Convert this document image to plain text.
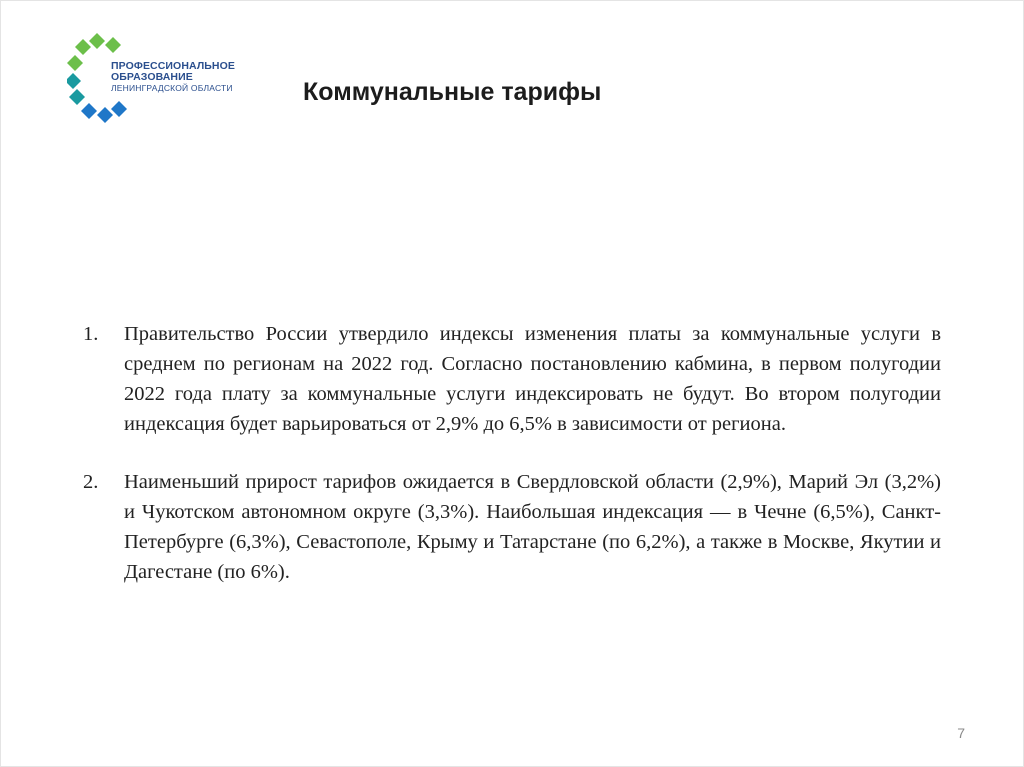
ПРОФЕССИОНАЛЬНОЕ
ОБРАЗОВАНИЕ
ЛЕНИНГРАДСКОЙ ОБЛАСТИ	Коммунальные тарифы
1.	Правительство России утвердило индексы изменения платы за коммунальные услуги в среднем по регионам на 2022 год. Согласно постановлению кабмина, в первом полугодии 2022 года плату за коммунальные услуги индексировать не будут. Во втором полугодии индексация будет варьироваться от 2,9% до 6,5% в зависимости от региона.
2.	Наименьший прирост тарифов ожидается в Свердловской области (2,9%), Марий Эл (3,2%) и Чукотском автономном округе (3,3%). Наибольшая индексация — в Чечне (6,5%), Санкт-Петербурге (6,3%), Севастополе, Крыму и Татарстане (по 6,2%), а также в Москве, Якутии и Дагестане (по 6%).
7
